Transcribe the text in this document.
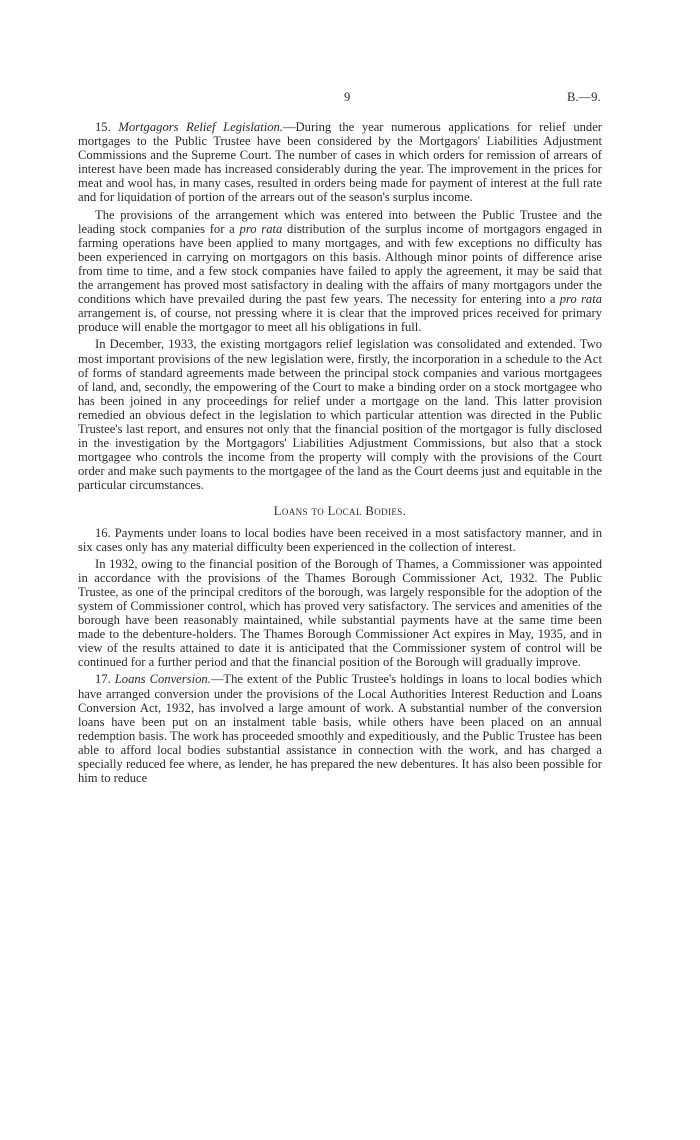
9	B.—9.

15. Mortgagors Relief Legislation.—During the year numerous applications for relief under mortgages to the Public Trustee have been considered by the Mortgagors' Liabilities Adjustment Commissions and the Supreme Court. The number of cases in which orders for remission of arrears of interest have been made has increased considerably during the year. The improvement in the prices for meat and wool has, in many cases, resulted in orders being made for payment of interest at the full rate and for liquidation of portion of the arrears out of the season's surplus income.

The provisions of the arrangement which was entered into between the Public Trustee and the leading stock companies for a pro rata distribution of the surplus income of mortgagors engaged in farming operations have been applied to many mortgages, and with few exceptions no difficulty has been experienced in carrying on mortgagors on this basis. Although minor points of difference arise from time to time, and a few stock companies have failed to apply the agreement, it may be said that the arrangement has proved most satisfactory in dealing with the affairs of many mortgagors under the conditions which have prevailed during the past few years. The necessity for entering into a pro rata arrangement is, of course, not pressing where it is clear that the improved prices received for primary produce will enable the mortgagor to meet all his obligations in full.

In December, 1933, the existing mortgagors relief legislation was consolidated and extended. Two most important provisions of the new legislation were, firstly, the incorporation in a schedule to the Act of forms of standard agreements made between the principal stock companies and various mortgagees of land, and, secondly, the empowering of the Court to make a binding order on a stock mortgagee who has been joined in any proceedings for relief under a mortgage on the land. This latter provision remedied an obvious defect in the legislation to which particular attention was directed in the Public Trustee's last report, and ensures not only that the financial position of the mortgagor is fully disclosed in the investigation by the Mortgagors' Liabilities Adjustment Commissions, but also that a stock mortgagee who controls the income from the property will comply with the provisions of the Court order and make such payments to the mortgagee of the land as the Court deems just and equitable in the particular circumstances.

Loans to Local Bodies.

16. Payments under loans to local bodies have been received in a most satisfactory manner, and in six cases only has any material difficulty been experienced in the collection of interest.

In 1932, owing to the financial position of the Borough of Thames, a Commissioner was appointed in accordance with the provisions of the Thames Borough Commissioner Act, 1932. The Public Trustee, as one of the principal creditors of the borough, was largely responsible for the adoption of the system of Commissioner control, which has proved very satisfactory. The services and amenities of the borough have been reasonably maintained, while substantial payments have at the same time been made to the debenture-holders. The Thames Borough Commissioner Act expires in May, 1935, and in view of the results attained to date it is anticipated that the Commissioner system of control will be continued for a further period and that the financial position of the Borough will gradually improve.

17. Loans Conversion.—The extent of the Public Trustee's holdings in loans to local bodies which have arranged conversion under the provisions of the Local Authorities Interest Reduction and Loans Conversion Act, 1932, has involved a large amount of work. A substantial number of the conversion loans have been put on an instalment table basis, while others have been placed on an annual redemption basis. The work has proceeded smoothly and expeditiously, and the Public Trustee has been able to afford local bodies substantial assistance in connection with the work, and has charged a specially reduced fee where, as lender, he has prepared the new debentures. It has also been possible for him to reduce
